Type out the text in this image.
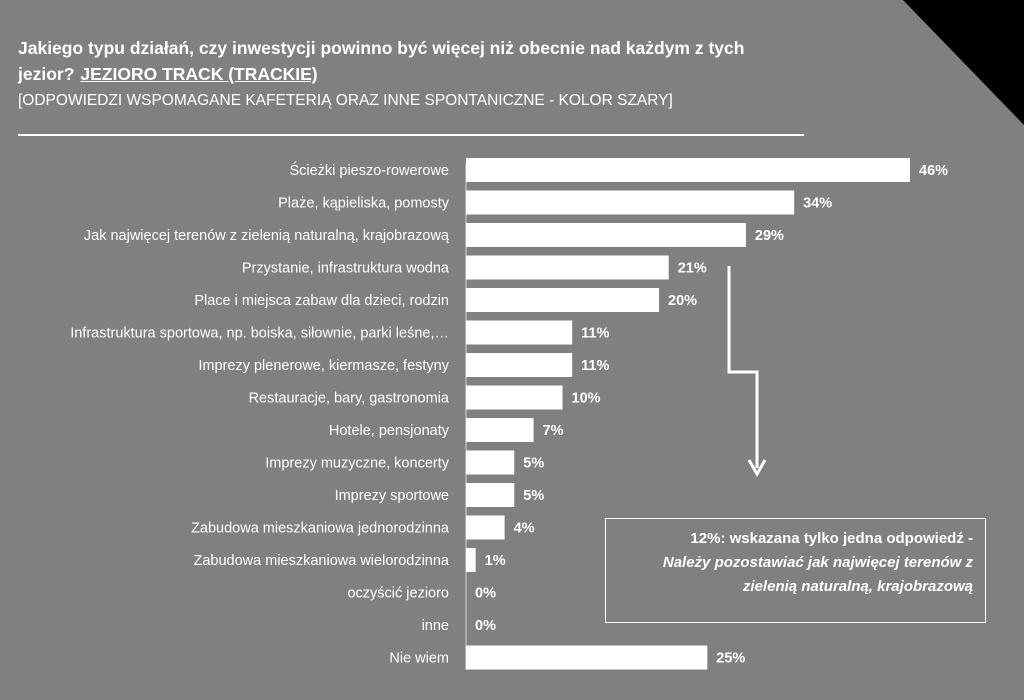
Jakiego typu działań, czy inwestycji powinno być więcej niż obecnie nad każdym z tych
jezior? JEZIORO TRACK (TRACKIE)
[ODPOWIEDZI WSPOMAGANE KAFETERIĄ ORAZ INNE SPONTANICZNE - KOLOR SZARY]
Ścieżki pieszo-rowerowe	46%
Plaże, kąpieliska, pomosty	34%
Jak najwięcej terenów z zielenią naturalną, krajobrazową	29%
Przystanie, infrastruktura wodna	21%
Place i miejsca zabaw dla dzieci, rodzin	20%
Infrastruktura sportowa, np. boiska, siłownie, parki leśne,…	11%
Imprezy plenerowe, kiermasze, festyny	11%
Restauracje, bary, gastronomia	10%
Hotele, pensjonaty	7%
Imprezy muzyczne, koncerty	5%
Imprezy sportowe	5%
Zabudowa mieszkaniowa jednorodzinna	4%
Zabudowa mieszkaniowa wielorodzinna 1%
oczyścić jezioro 0%
inne 0%
Nie wiem	25%
12%: wskazana tylko jedna odpowiedź -
Należy pozostawiać jak najwięcej terenów z zielenią naturalną, krajobrazową
